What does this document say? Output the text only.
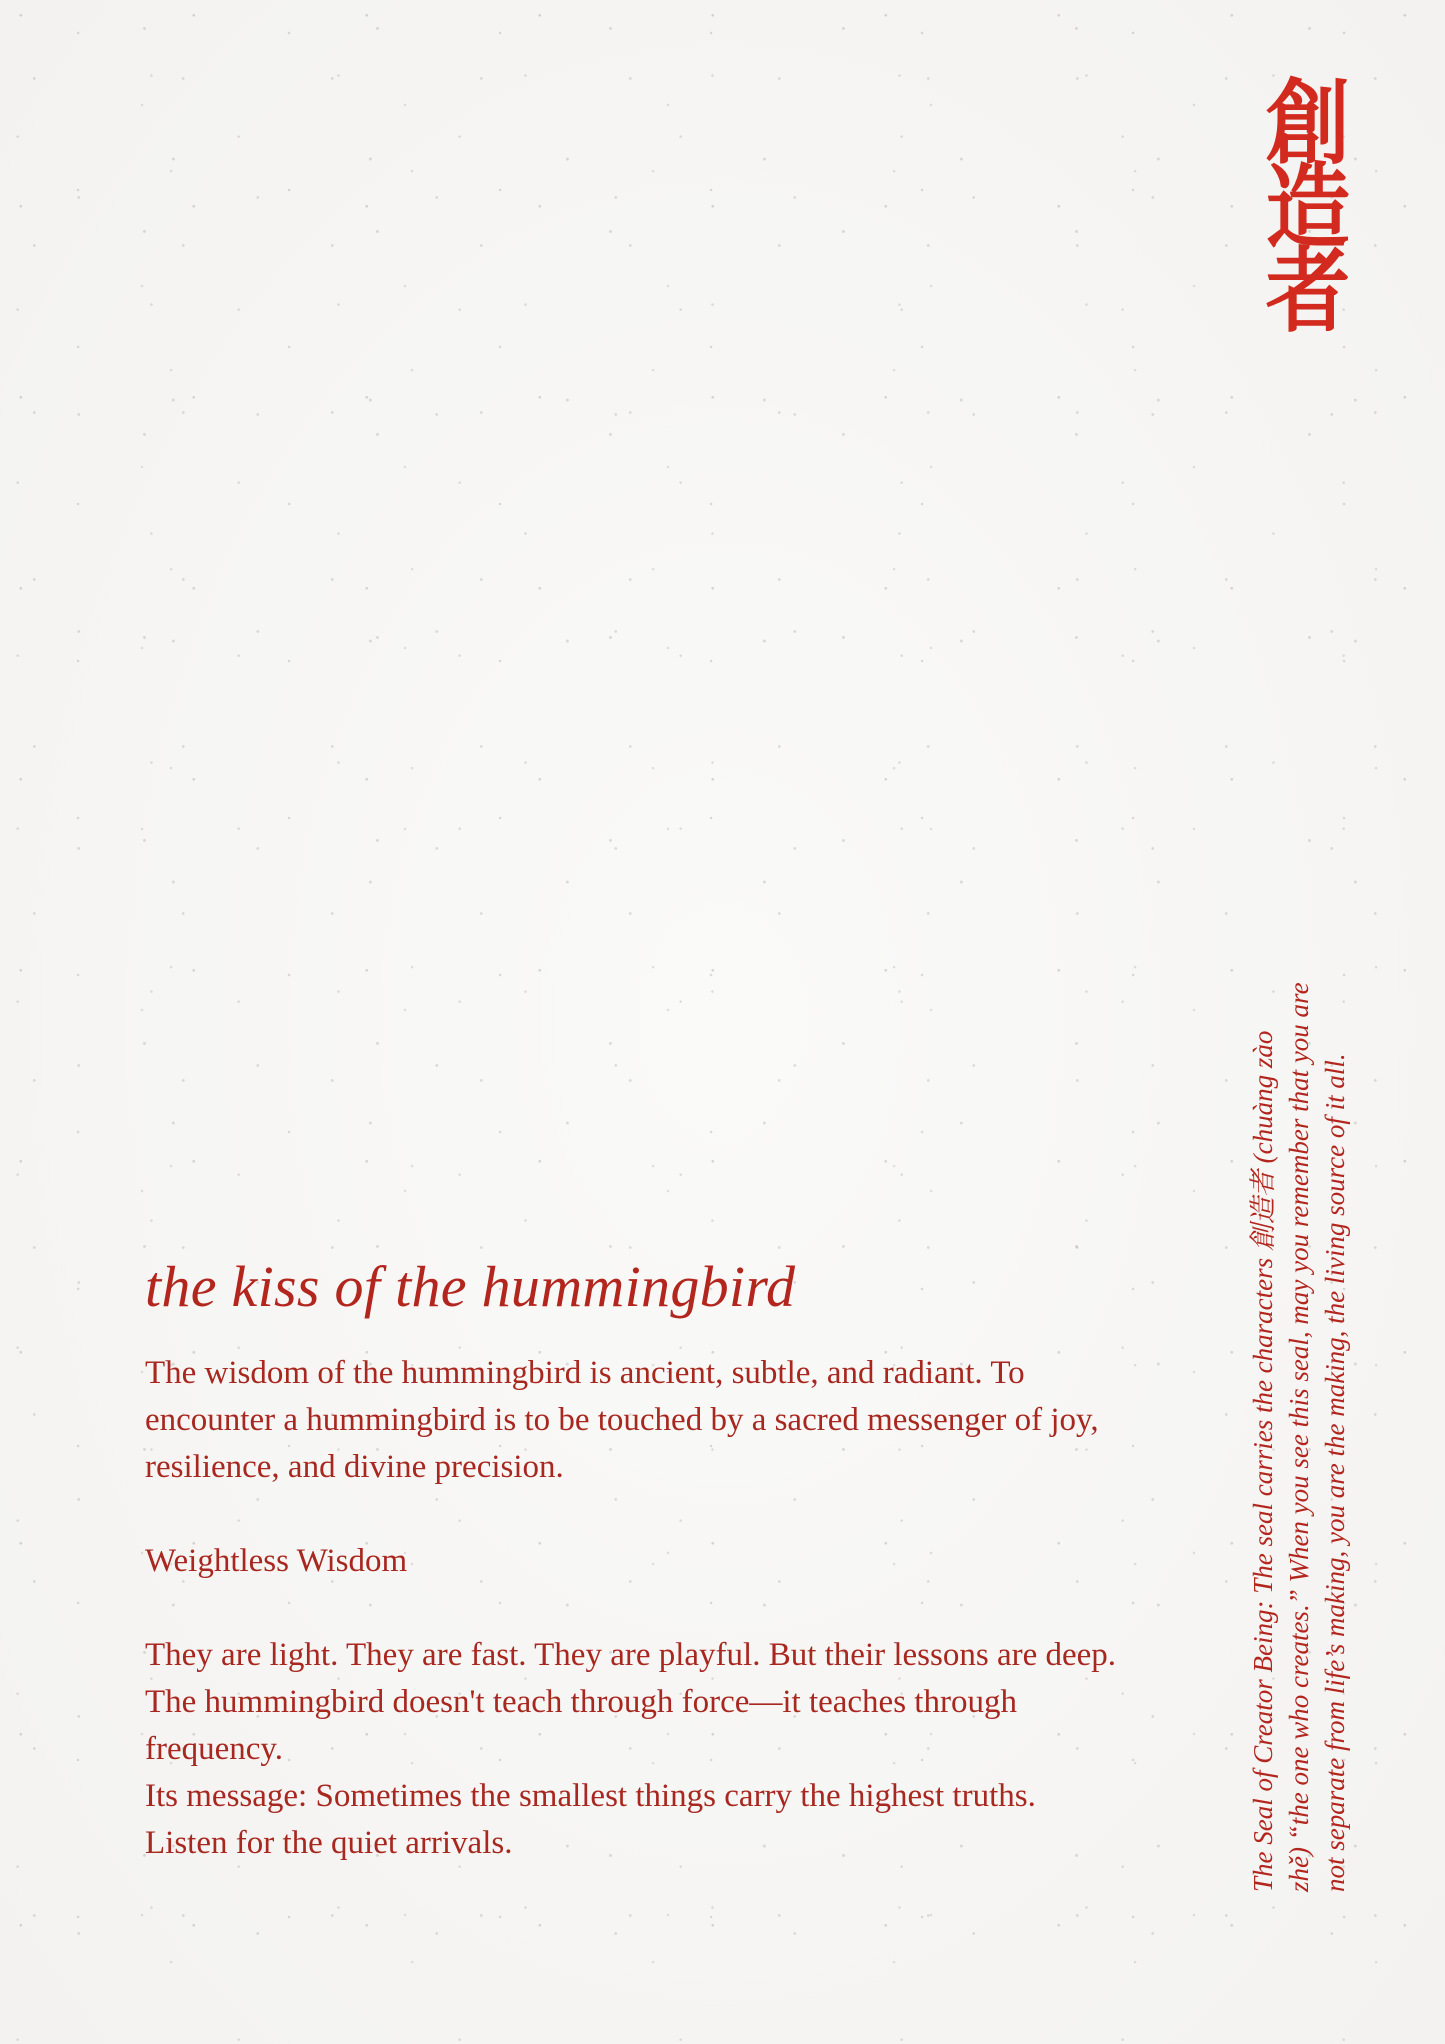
創
造
者
the kiss of the hummingbird

The wisdom of the hummingbird is ancient, subtle, and radiant. To encounter a hummingbird is to be touched by a sacred messenger of joy, resilience, and divine precision.

Weightless Wisdom

They are light. They are fast. They are playful. But their lessons are deep. The hummingbird doesn't teach through force—it teaches through frequency.

Its message: Sometimes the smallest things carry the highest truths. Listen for the quiet arrivals.	The Seal of Creator Being: The seal carries the characters 創造者 (chuàng zào zhě) “the one who creates.” When you see this seal, may you remember that you are not separate from life’s making, you are the making, the living source of it all.
